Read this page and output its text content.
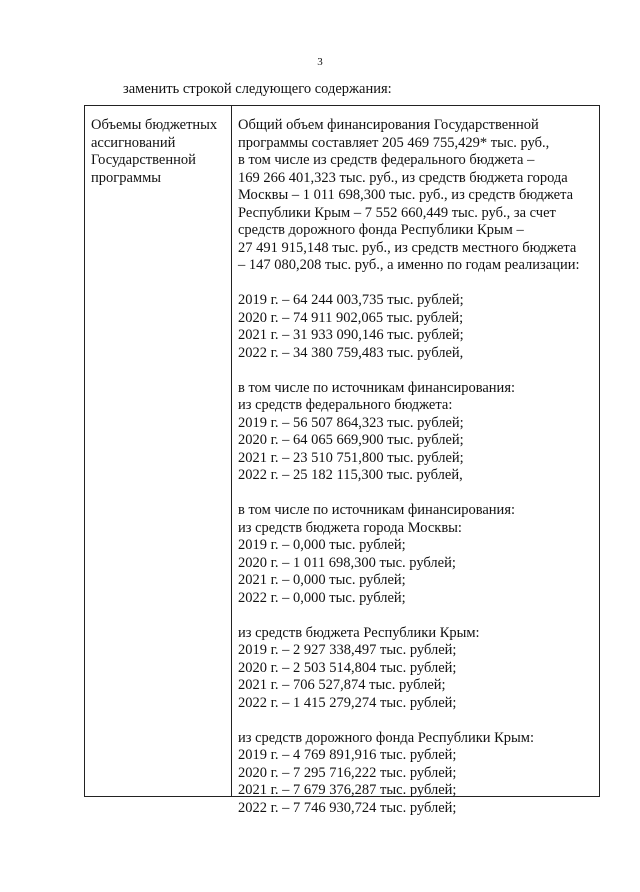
3
заменить строкой следующего содержания:
Объемы бюджетных
ассигнований
Государственной
программы
Общий объем финансирования Государственной
программы составляет 205 469 755,429* тыс. руб.,
в том числе из средств федерального бюджета –
169 266 401,323 тыс. руб., из средств бюджета города
Москвы – 1 011 698,300 тыс. руб., из средств бюджета
Республики Крым – 7 552 660,449 тыс. руб., за счет
средств дорожного фонда Республики Крым –
27 491 915,148 тыс. руб., из средств местного бюджета
– 147 080,208 тыс. руб., а именно по годам реализации:
2019 г. – 64 244 003,735 тыс. рублей;
2020 г. – 74 911 902,065 тыс. рублей;
2021 г. – 31 933 090,146 тыс. рублей;
2022 г. – 34 380 759,483 тыс. рублей,
в том числе по источникам финансирования:
из средств федерального бюджета:
2019 г. – 56 507 864,323 тыс. рублей;
2020 г. – 64 065 669,900 тыс. рублей;
2021 г. – 23 510 751,800 тыс. рублей;
2022 г. – 25 182 115,300 тыс. рублей,
в том числе по источникам финансирования:
из средств бюджета города Москвы:
2019 г. – 0,000 тыс. рублей;
2020 г. – 1 011 698,300 тыс. рублей;
2021 г. – 0,000 тыс. рублей;
2022 г. – 0,000 тыс. рублей;
из средств бюджета Республики Крым:
2019 г. – 2 927 338,497 тыс. рублей;
2020 г. – 2 503 514,804 тыс. рублей;
2021 г. – 706 527,874 тыс. рублей;
2022 г. – 1 415 279,274 тыс. рублей;
из средств дорожного фонда Республики Крым:
2019 г. – 4 769 891,916 тыс. рублей;
2020 г. – 7 295 716,222 тыс. рублей;
2021 г. – 7 679 376,287 тыс. рублей;
2022 г. – 7 746 930,724 тыс. рублей;
